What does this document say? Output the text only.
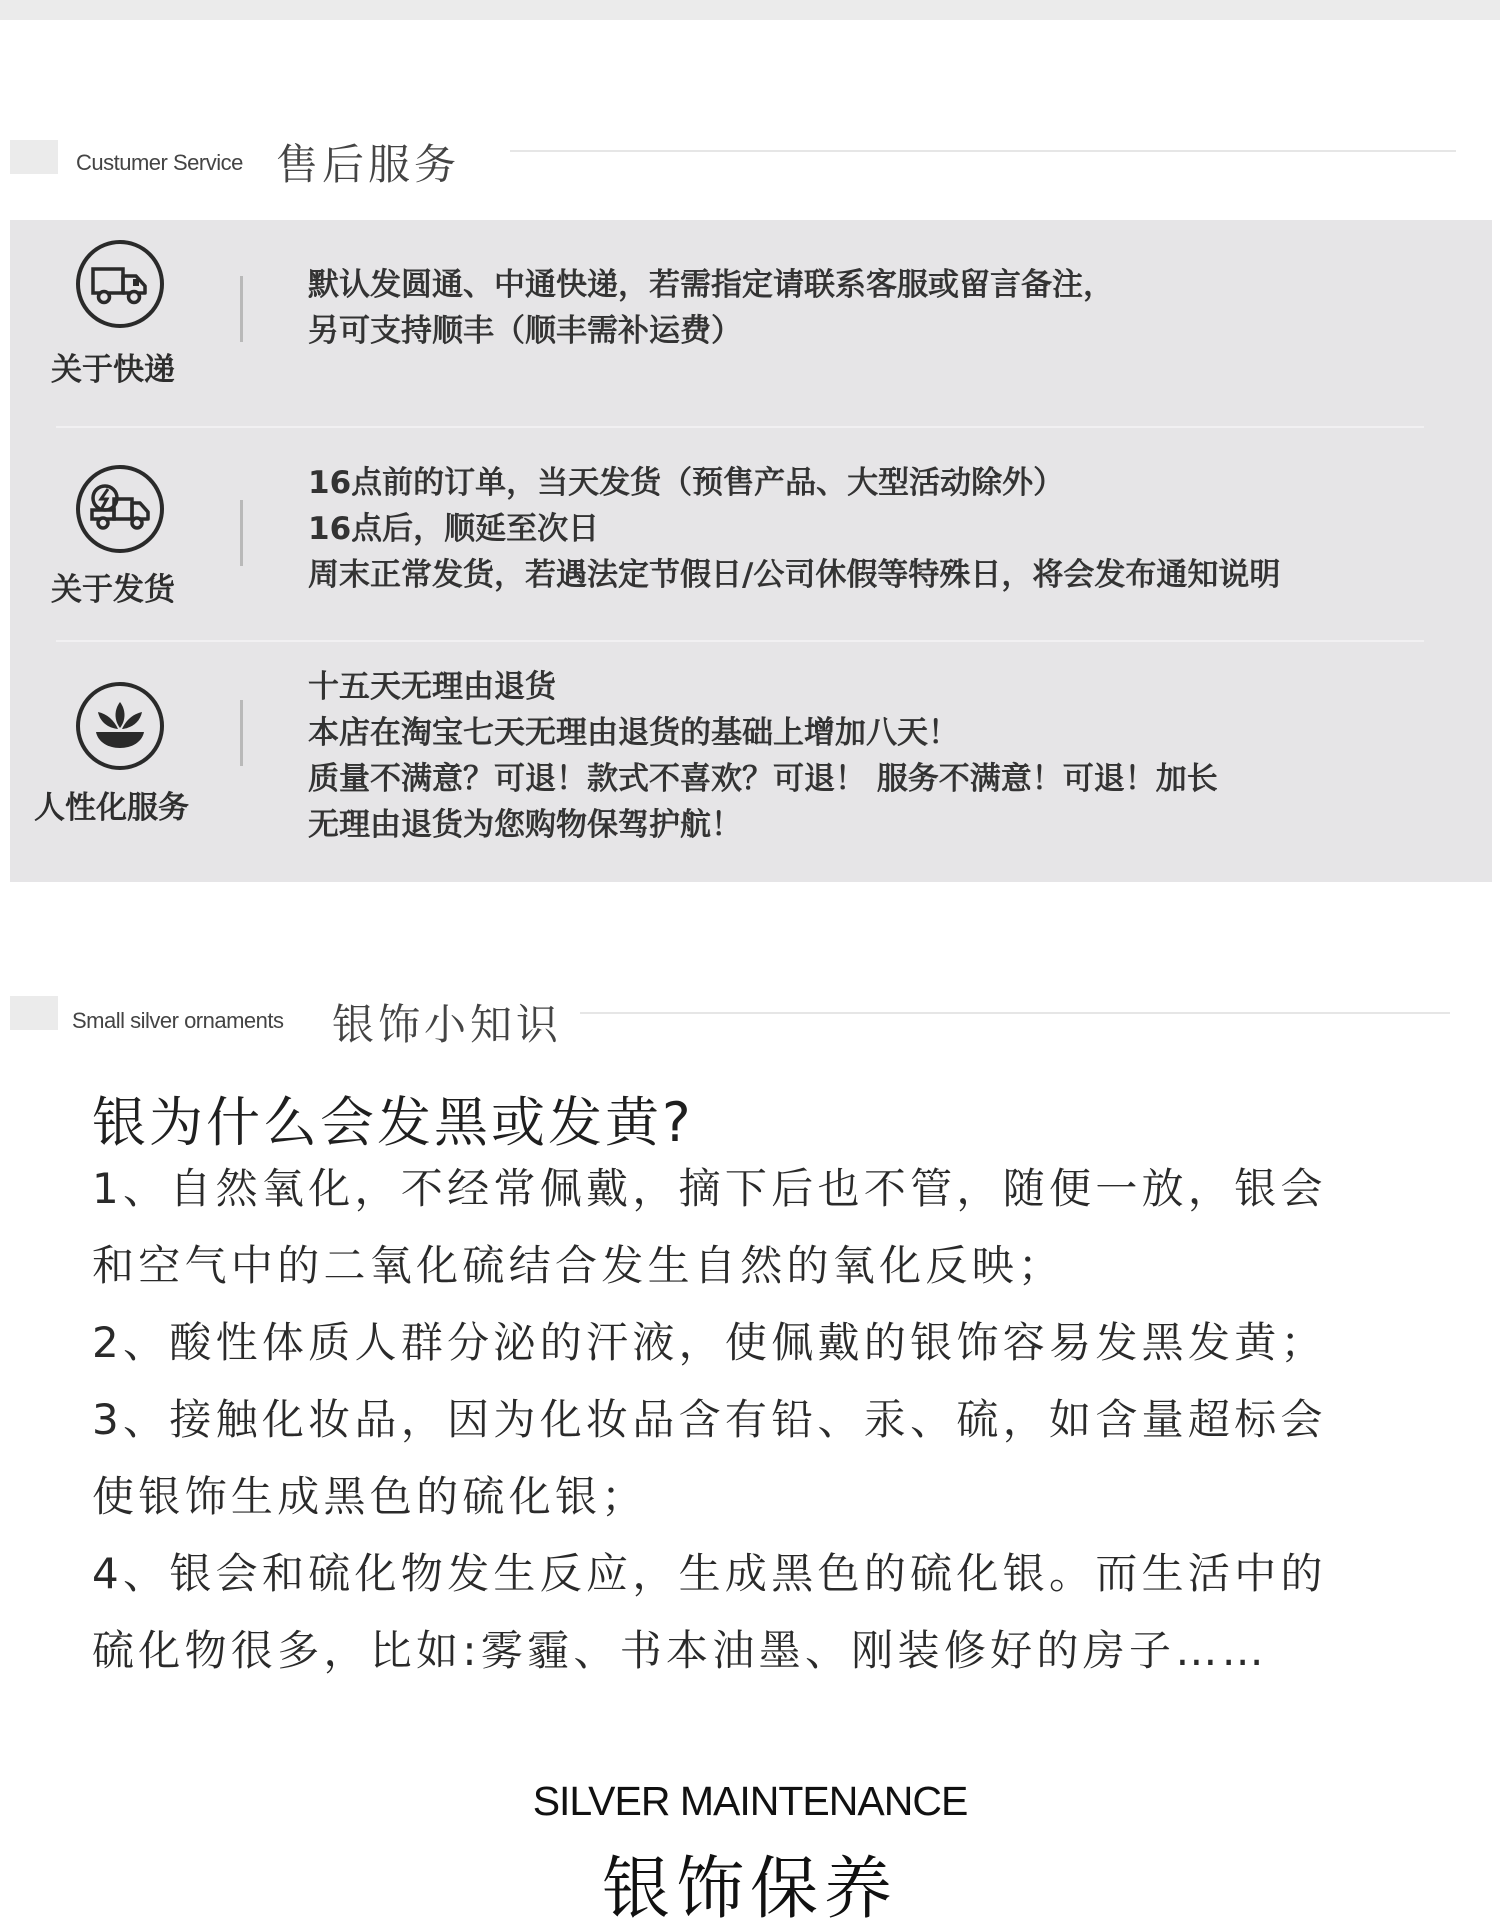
Custumer Service 售后服务
关于快递
默认发圆通、中通快递，若需指定请联系客服或留言备注，
另可支持顺丰（顺丰需补运费）
关于发货
16点前的订单，当天发货（预售产品、大型活动除外）
16点后，顺延至次日
周末正常发货，若遇法定节假日/公司休假等特殊日，将会发布通知说明
人性化服务
十五天无理由退货
本店在淘宝七天无理由退货的基础上增加八天！
质量不满意？可退！款式不喜欢？可退！ 服务不满意！可退！加长
无理由退货为您购物保驾护航！
Small silver ornaments 银饰小知识
银为什么会发黑或发黄?
1、自然氧化，不经常佩戴，摘下后也不管，随便一放，银会
和空气中的二氧化硫结合发生自然的氧化反映；
2、酸性体质人群分泌的汗液，使佩戴的银饰容易发黑发黄；
3、接触化妆品，因为化妆品含有铅、汞、硫，如含量超标会
使银饰生成黑色的硫化银；
4、银会和硫化物发生反应，生成黑色的硫化银。而生活中的
硫化物很多，比如:雾霾、书本油墨、刚装修好的房子……
SILVER MAINTENANCE
银饰保养
